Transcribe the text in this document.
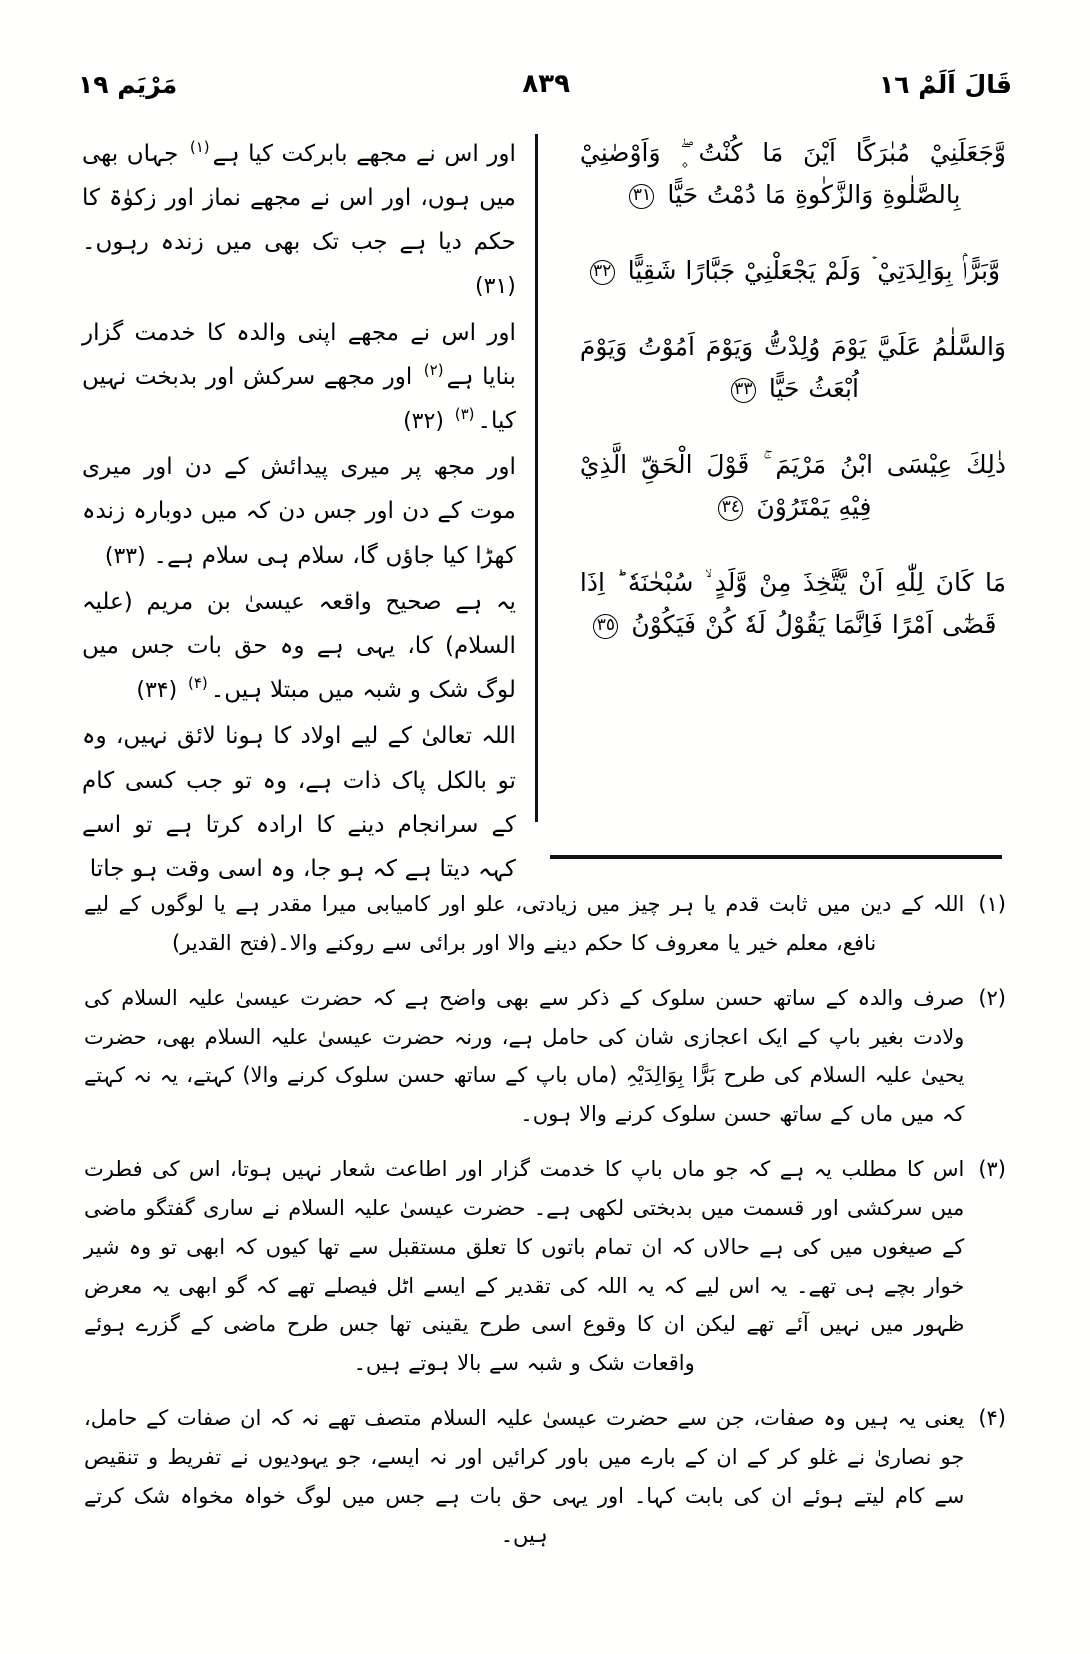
قَالَ اَلَمْ ١٦
٨٣٩
مَرْيَم ١٩

وَّجَعَلَنِيْ مُبٰرَكًا اَيْنَ مَا كُنْتُ ۪ۖ وَاَوْصٰنِيْ بِالصَّلٰوةِ وَالزَّكٰوةِ مَا دُمْتُ حَيًّا ٣١

وَّبَرًّاۢ بِوَالِدَتِيْ ۡ وَلَمْ يَجْعَلْنِيْ جَبَّارًا شَقِيًّا ٣٢

وَالسَّلٰمُ عَلَيَّ يَوْمَ وُلِدْتُّ وَيَوْمَ اَمُوْتُ وَيَوْمَ اُبْعَثُ حَيًّا ٣٣

ذٰلِكَ عِيْسَى ابْنُ مَرْيَمَ ۚ قَوْلَ الْحَقِّ الَّذِيْ فِيْهِ يَمْتَرُوْنَ ٣٤

مَا كَانَ لِلّٰهِ اَنْ يَّتَّخِذَ مِنْ وَّلَدٍ ۙ سُبْحٰنَهٗ ؕ اِذَا قَضٰٓى اَمْرًا فَاِنَّمَا يَقُوْلُ لَهٗ كُنْ فَيَكُوْنُ ٣٥

اور اس نے مجھے بابرکت کیا ہے$^{(۱)}$ جہاں بھی میں ہوں، اور اس نے مجھے نماز اور زکوٰۃ کا حکم دیا ہے جب تک بھی میں زندہ رہوں۔ (۳۱)

اور اس نے مجھے اپنی والدہ کا خدمت گزار بنایا ہے$^{(۲)}$ اور مجھے سرکش اور بدبخت نہیں کیا۔$^{(۳)}$ (۳۲)

اور مجھ پر میری پیدائش کے دن اور میری موت کے دن اور جس دن کہ میں دوبارہ زندہ کھڑا کیا جاؤں گا، سلام ہی سلام ہے۔ (۳۳)

یہ ہے صحیح واقعہ عیسیٰ بن مریم (علیہ السلام) کا، یہی ہے وہ حق بات جس میں لوگ شک و شبہ میں مبتلا ہیں۔$^{(۴)}$ (۳۴)

اللہ تعالیٰ کے لیے اولاد کا ہونا لائق نہیں، وہ تو بالکل پاک ذات ہے، وہ تو جب کسی کام کے سرانجام دینے کا ارادہ کرتا ہے تو اسے کہہ دیتا ہے کہ ہو جا، وہ اسی وقت ہو جاتا

(۱)
اللہ کے دین میں ثابت قدم یا ہر چیز میں زیادتی، علو اور کامیابی میرا مقدر ہے یا لوگوں کے لیے نافع، معلم خیر یا معروف کا حکم دینے والا اور برائی سے روکنے والا۔(فتح القدیر)
(۲)
صرف والدہ کے ساتھ حسن سلوک کے ذکر سے بھی واضح ہے کہ حضرت عیسیٰ علیہ السلام کی ولادت بغیر باپ کے ایک اعجازی شان کی حامل ہے، ورنہ حضرت عیسیٰ علیہ السلام بھی، حضرت یحییٰ علیہ السلام کی طرح بَرًّا بِوَالِدَیْہِ (ماں باپ کے ساتھ حسن سلوک کرنے والا) کہتے، یہ نہ کہتے کہ میں ماں کے ساتھ حسن سلوک کرنے والا ہوں۔
(۳)
اس کا مطلب یہ ہے کہ جو ماں باپ کا خدمت گزار اور اطاعت شعار نہیں ہوتا، اس کی فطرت میں سرکشی اور قسمت میں بدبختی لکھی ہے۔ حضرت عیسیٰ علیہ السلام نے ساری گفتگو ماضی کے صیغوں میں کی ہے حالاں کہ ان تمام باتوں کا تعلق مستقبل سے تھا کیوں کہ ابھی تو وہ شیر خوار بچے ہی تھے۔ یہ اس لیے کہ یہ اللہ کی تقدیر کے ایسے اٹل فیصلے تھے کہ گو ابھی یہ معرض ظہور میں نہیں آئے تھے لیکن ان کا وقوع اسی طرح یقینی تھا جس طرح ماضی کے گزرے ہوئے واقعات شک و شبہ سے بالا ہوتے ہیں۔
(۴)
یعنی یہ ہیں وہ صفات، جن سے حضرت عیسیٰ علیہ السلام متصف تھے نہ کہ ان صفات کے حامل، جو نصاریٰ نے غلو کر کے ان کے بارے میں باور کرائیں اور نہ ایسے، جو یہودیوں نے تفریط و تنقیص سے کام لیتے ہوئے ان کی بابت کہا۔ اور یہی حق بات ہے جس میں لوگ خواہ مخواہ شک کرتے ہیں۔
